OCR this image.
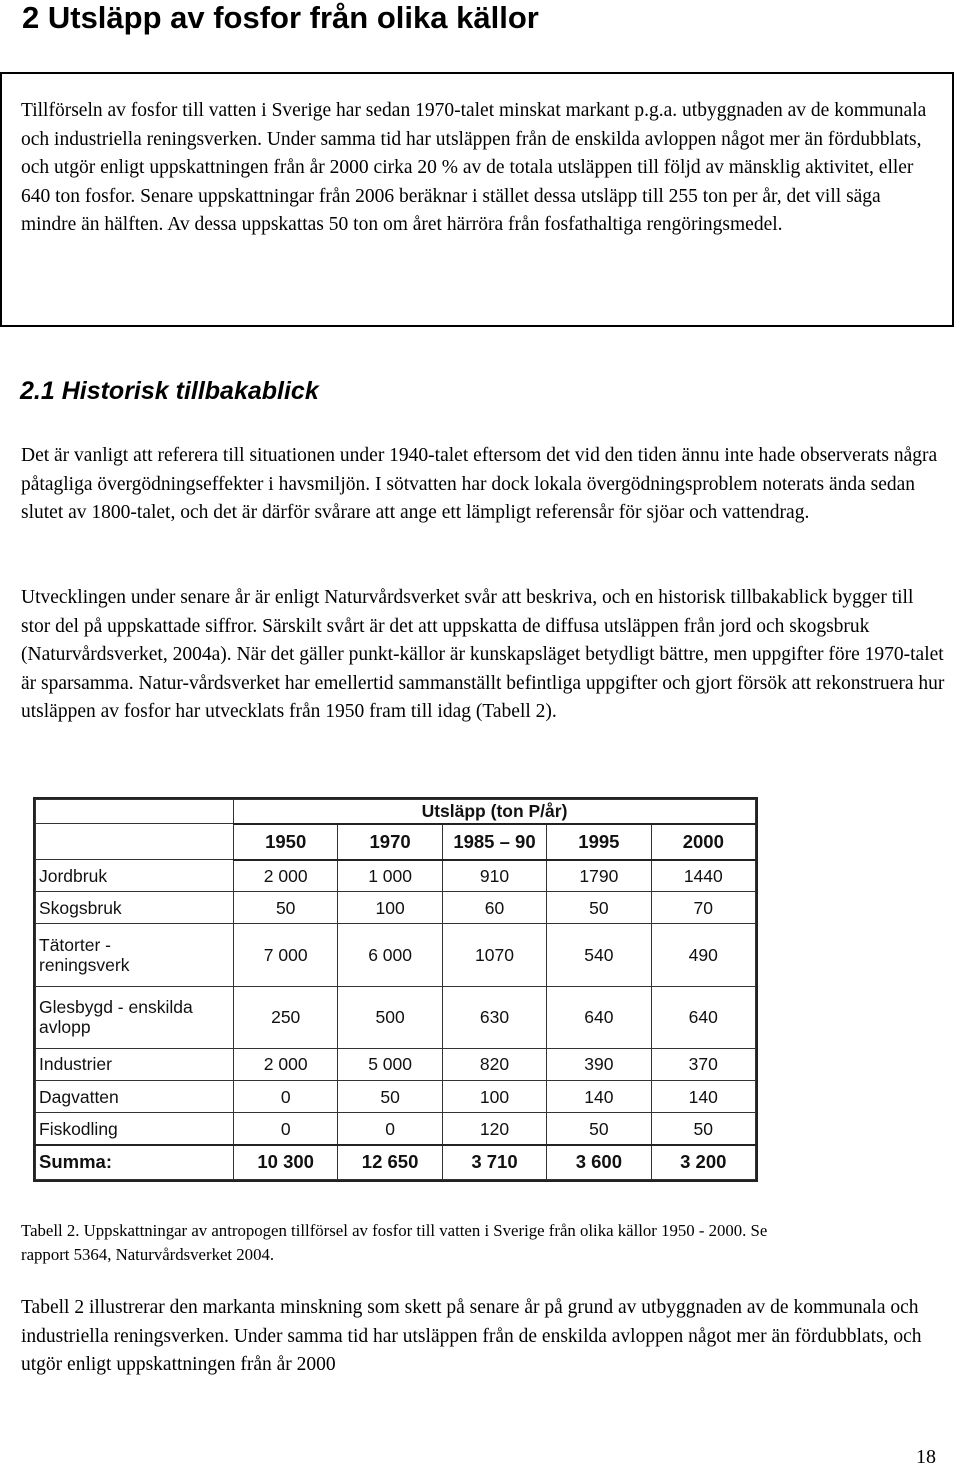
2 Utsläpp av fosfor från olika källor

Tillförseln av fosfor till vatten i Sverige har sedan 1970-talet minskat markant p.g.a. utbyggnaden av de kommunala och industriella reningsverken. Under samma tid har utsläppen från de enskilda avloppen något mer än fördubblats, och utgör enligt uppskattningen från år 2000 cirka 20 % av de totala utsläppen till följd av mänsklig aktivitet, eller 640 ton fosfor. Senare uppskattningar från 2006 beräknar i stället dessa utsläpp till 255 ton per år, det vill säga mindre än hälften. Av dessa uppskattas 50 ton om året härröra från fosfathaltiga rengöringsmedel.

2.1 Historisk tillbakablick

Det är vanligt att referera till situationen under 1940-talet eftersom det vid den tiden ännu inte hade observerats några påtagliga övergödningseffekter i havsmiljön. I sötvatten har dock lokala övergödningsproblem noterats ända sedan slutet av 1800-talet, och det är därför svårare att ange ett lämpligt referensår för sjöar och vattendrag.

Utvecklingen under senare år är enligt Naturvårdsverket svår att beskriva, och en historisk tillbakablick bygger till stor del på uppskattade siffror. Särskilt svårt är det att uppskatta de diffusa utsläppen från jord och skogsbruk (Naturvårdsverket, 2004a). När det gäller punkt-källor är kunskapsläget betydligt bättre, men uppgifter före 1970-talet är sparsamma. Natur-vårdsverket har emellertid sammanställt befintliga uppgifter och gjort försök att rekonstruera hur utsläppen av fosfor har utvecklats från 1950 fram till idag (Tabell 2).

	Utsläpp (ton P/år)				
	1950	1970	1985 – 90	1995	2000
Jordbruk	2 000	1 000	910	1790	1440
Skogsbruk	50	100	60	50	70
Tätorter -
reningsverk	7 000	6 000	1070	540	490
Glesbygd - enskilda
avlopp	250	500	630	640	640
Industrier	2 000	5 000	820	390	370
Dagvatten	0	50	100	140	140
Fiskodling	0	0	120	50	50
Summa:	10 300	12 650	3 710	3 600	3 200

Tabell 2. Uppskattningar av antropogen tillförsel av fosfor till vatten i Sverige från olika källor 1950 - 2000. Se rapport 5364, Naturvårdsverket 2004.

Tabell 2 illustrerar den markanta minskning som skett på senare år på grund av utbyggnaden av de kommunala och industriella reningsverken. Under samma tid har utsläppen från de enskilda avloppen något mer än fördubblats, och utgör enligt uppskattningen från år 2000

18
